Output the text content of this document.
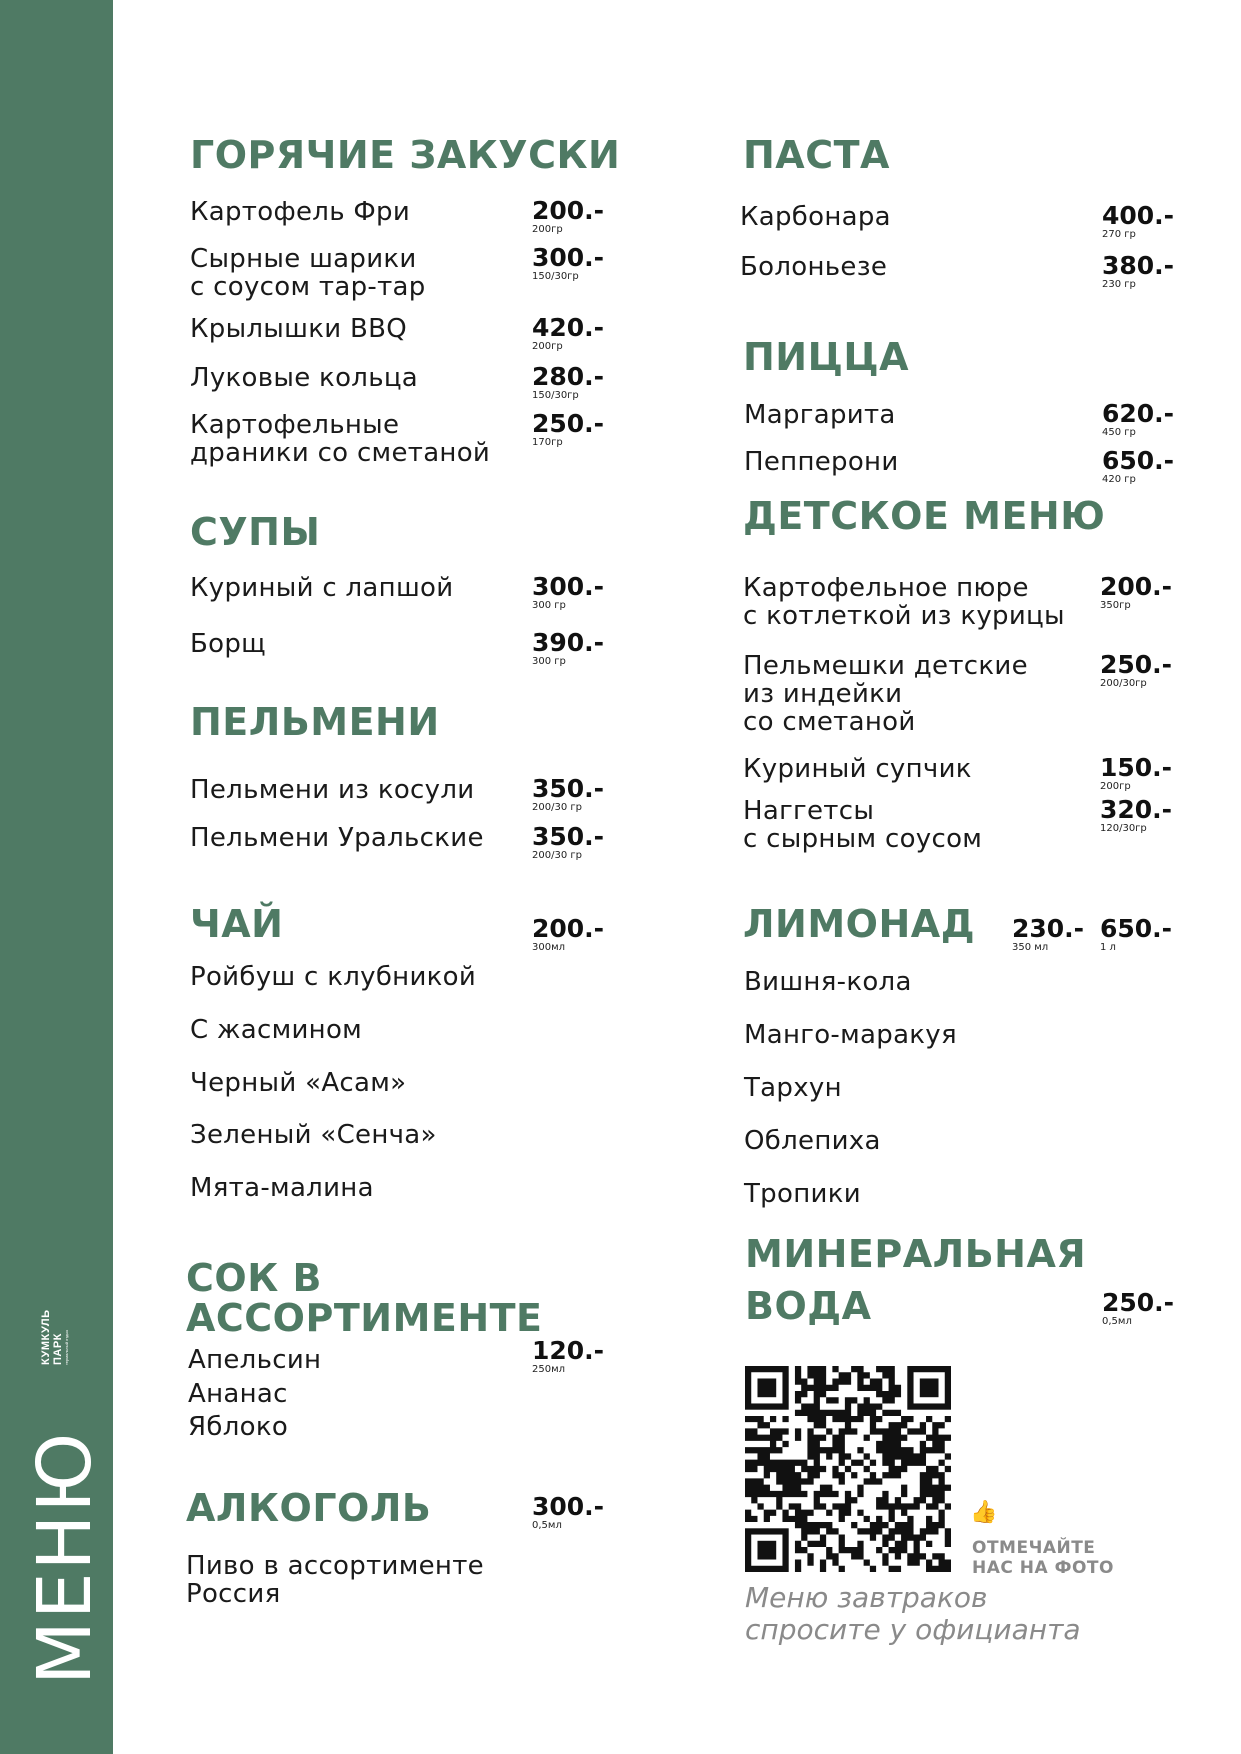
КУМКУЛЬ ПАРК термальный отдых
МЕНЮ
ГОРЯЧИЕ ЗАКУСКИ
Картофель Фри	200.-
200гр
Сырные шарики
с соусом тар-тар
300.-
150/30гр
Крылышки BBQ	420.-
200гр
Луковые кольца	280.-
150/30гр
Картофельные
драники со сметаной
250.-
170гр
СУПЫ
Куриный с лапшой	300.-
300 гр
Борщ	390.-
300 гр
ПЕЛЬМЕНИ
Пельмени из косули 350.-
200/30 гр
Пельмени Уральские 350.-
200/30 гр
ЧАЙ	200.-
300мл
Ройбуш с клубникой
С жасмином
Черный «Асам»
Зеленый «Сенча»
Мята-малина
СОК В
АССОРТИМЕНТЕ
120.-
250мл
Апельсин
Ананас
Яблоко
АЛКОГОЛЬ	300.-
0,5мл
Пиво в ассортименте
Россия
ПАСТА
Карбонара	400.-
270 гр
Болоньезе	380.-
230 гр
ПИЦЦА
Маргарита	620.-
450 гр
Пепперони	650.-
420 гр
ДЕТСКОЕ МЕНЮ
Картофельное пюре
с котлеткой из курицы
200.-
350гр
Пельмешки детские
из индейки
со сметаной
250.-
200/30гр
Куриный супчик	150.-
200гр
Наггетсы
с сырным соусом
320.-
120/30гр
ЛИМОНАД 230.-
350 мл
650.-
1 л
Вишня-кола
Манго-маракуя
Тархун
Облепиха
Тропики
МИНЕРАЛЬНАЯ
ВОДА	250.-
0,5мл
👍
ОТМЕЧАЙТЕ
НАС НА ФОТО
Меню завтраков
спросите у официанта
